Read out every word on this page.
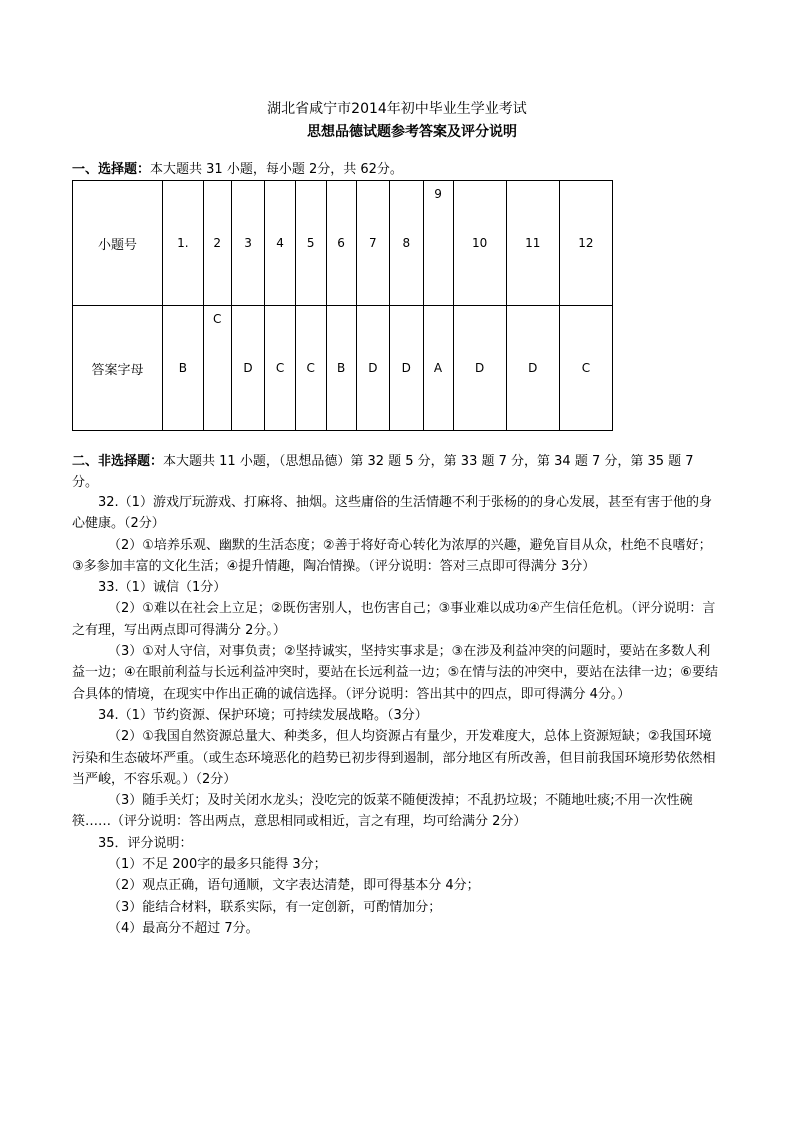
湖北省咸宁市2014年初中毕业生学业考试
思想品德试题参考答案及评分说明
一、选择题：本大题共 31 小题，每小题 2分，共 62分。
小题号	1.	2	3	4	5	6	7	8	9	10	11	12
答案字母	B	C	D	C	C	B	D	D	A	D	D	C
二、非选择题：本大题共 11 小题，（思想品德）第 32 题 5 分，第 33 题 7 分，第 34 题 7 分，第 35 题 7 分。

32.（1）游戏厅玩游戏、打麻将、抽烟。这些庸俗的生活情趣不利于张杨的的身心发展，甚至有害于他的身心健康。（2分）

（2）①培养乐观、幽默的生活态度；②善于将好奇心转化为浓厚的兴趣，避免盲目从众，杜绝不良嗜好；③多参加丰富的文化生活；④提升情趣，陶冶情操。（评分说明：答对三点即可得满分 3分）

33.（1）诚信（1分）

（2）①难以在社会上立足；②既伤害别人，也伤害自己；③事业难以成功④产生信任危机。（评分说明：言之有理，写出两点即可得满分 2分。）

（3）①对人守信，对事负责；②坚持诚实，坚持实事求是；③在涉及利益冲突的问题时，要站在多数人利益一边；④在眼前利益与长远利益冲突时，要站在长远利益一边；⑤在情与法的冲突中，要站在法律一边；⑥要结合具体的情境，在现实中作出正确的诚信选择。（评分说明：答出其中的四点，即可得满分 4分。）

34.（1）节约资源、保护环境；可持续发展战略。（3分）

（2）①我国自然资源总量大、种类多，但人均资源占有量少，开发难度大，总体上资源短缺；②我国环境污染和生态破坏严重。（或生态环境恶化的趋势已初步得到遏制，部分地区有所改善，但目前我国环境形势依然相当严峻，不容乐观。）（2分）

（3）随手关灯；及时关闭水龙头；没吃完的饭菜不随便泼掉；不乱扔垃圾；不随地吐痰;不用一次性碗筷……（评分说明：答出两点，意思相同或相近，言之有理，均可给满分 2分）

35．评分说明：

（1）不足 200字的最多只能得 3分；

（2）观点正确，语句通顺，文字表达清楚，即可得基本分 4分；

（3）能结合材料，联系实际，有一定创新，可酌情加分；

（4）最高分不超过 7分。
